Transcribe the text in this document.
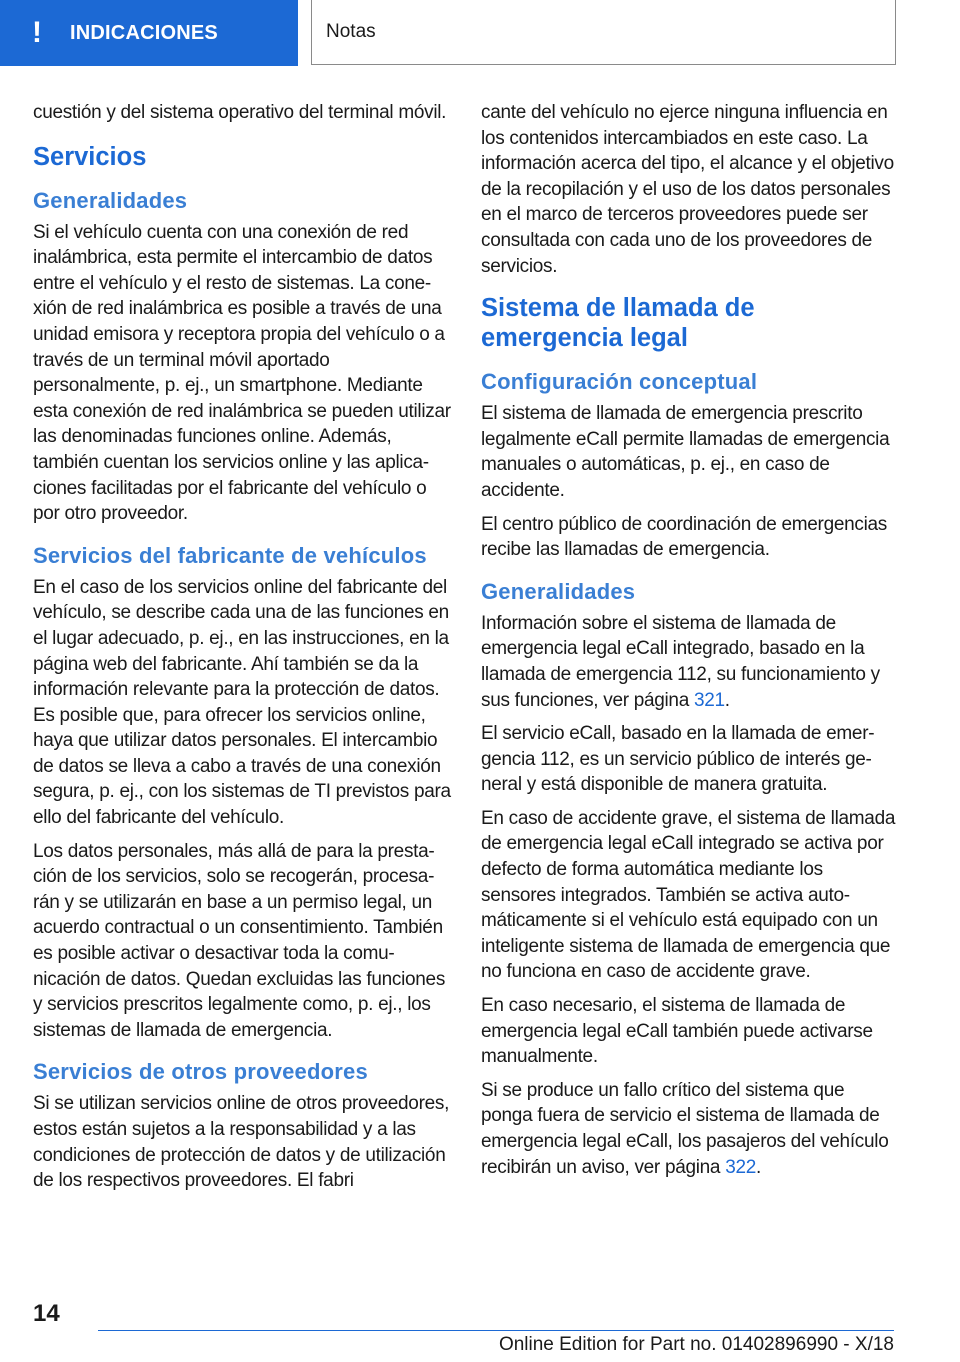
!	INDICACIONES	Notas

cuestión y del sistema operativo del terminal móvil.

Servicios
Generalidades

Si el vehículo cuenta con una conexión de red inalámbrica, esta permite el intercambio de datos entre el vehículo y el resto de sistemas. La conexión de red inalámbrica es posible a través de una unidad emisora y receptora propia del vehículo o a través de un terminal móvil aportado personalmente, p. ej., un smartphone. Mediante esta conexión de red inalámbrica se pueden utilizar las denominadas funciones online. Además, también cuentan los servicios online y las aplicaciones facilitadas por el fabricante del vehículo o por otro proveedor.

Servicios del fabricante de vehículos

En el caso de los servicios online del fabricante del vehículo, se describe cada una de las funciones en el lugar adecuado, p. ej., en las instrucciones, en la página web del fabricante. Ahí también se da la información relevante para la protección de datos. Es posible que, para ofrecer los servicios online, haya que utilizar datos personales. El intercambio de datos se lleva a cabo a través de una conexión segura, p. ej., con los sistemas de TI previstos para ello del fabricante del vehículo.

Los datos personales, más allá de para la prestación de los servicios, solo se recogerán, procesarán y se utilizarán en base a un permiso legal, un acuerdo contractual o un consentimiento. También es posible activar o desactivar toda la comunicación de datos. Quedan excluidas las funciones y servicios prescritos legalmente como, p. ej., los sistemas de llamada de emergencia.

Servicios de otros proveedores

Si se utilizan servicios online de otros proveedores, estos están sujetos a la responsabilidad y a las condiciones de protección de datos y de utilización de los respectivos proveedores. El fabri

cante del vehículo no ejerce ninguna influencia en los contenidos intercambiados en este caso. La información acerca del tipo, el alcance y el objetivo de la recopilación y el uso de los datos personales en el marco de terceros proveedores puede ser consultada con cada uno de los proveedores de servicios.

Sistema de llamada de emergencia legal
Configuración conceptual

El sistema de llamada de emergencia prescrito legalmente eCall permite llamadas de emergencia manuales o automáticas, p. ej., en caso de accidente.

El centro público de coordinación de emergencias recibe las llamadas de emergencia.

Generalidades

Información sobre el sistema de llamada de emergencia legal eCall integrado, basado en la llamada de emergencia 112, su funcionamiento y sus funciones, ver página 321.

El servicio eCall, basado en la llamada de emergencia 112, es un servicio público de interés general y está disponible de manera gratuita.

En caso de accidente grave, el sistema de llamada de emergencia legal eCall integrado se activa por defecto de forma automática mediante los sensores integrados. También se activa automáticamente si el vehículo está equipado con un inteligente sistema de llamada de emergencia que no funciona en caso de accidente grave.

En caso necesario, el sistema de llamada de emergencia legal eCall también puede activarse manualmente.

Si se produce un fallo crítico del sistema que ponga fuera de servicio el sistema de llamada de emergencia legal eCall, los pasajeros del vehículo recibirán un aviso, ver página 322.

14
Online Edition for Part no. 01402896990 - X/18
